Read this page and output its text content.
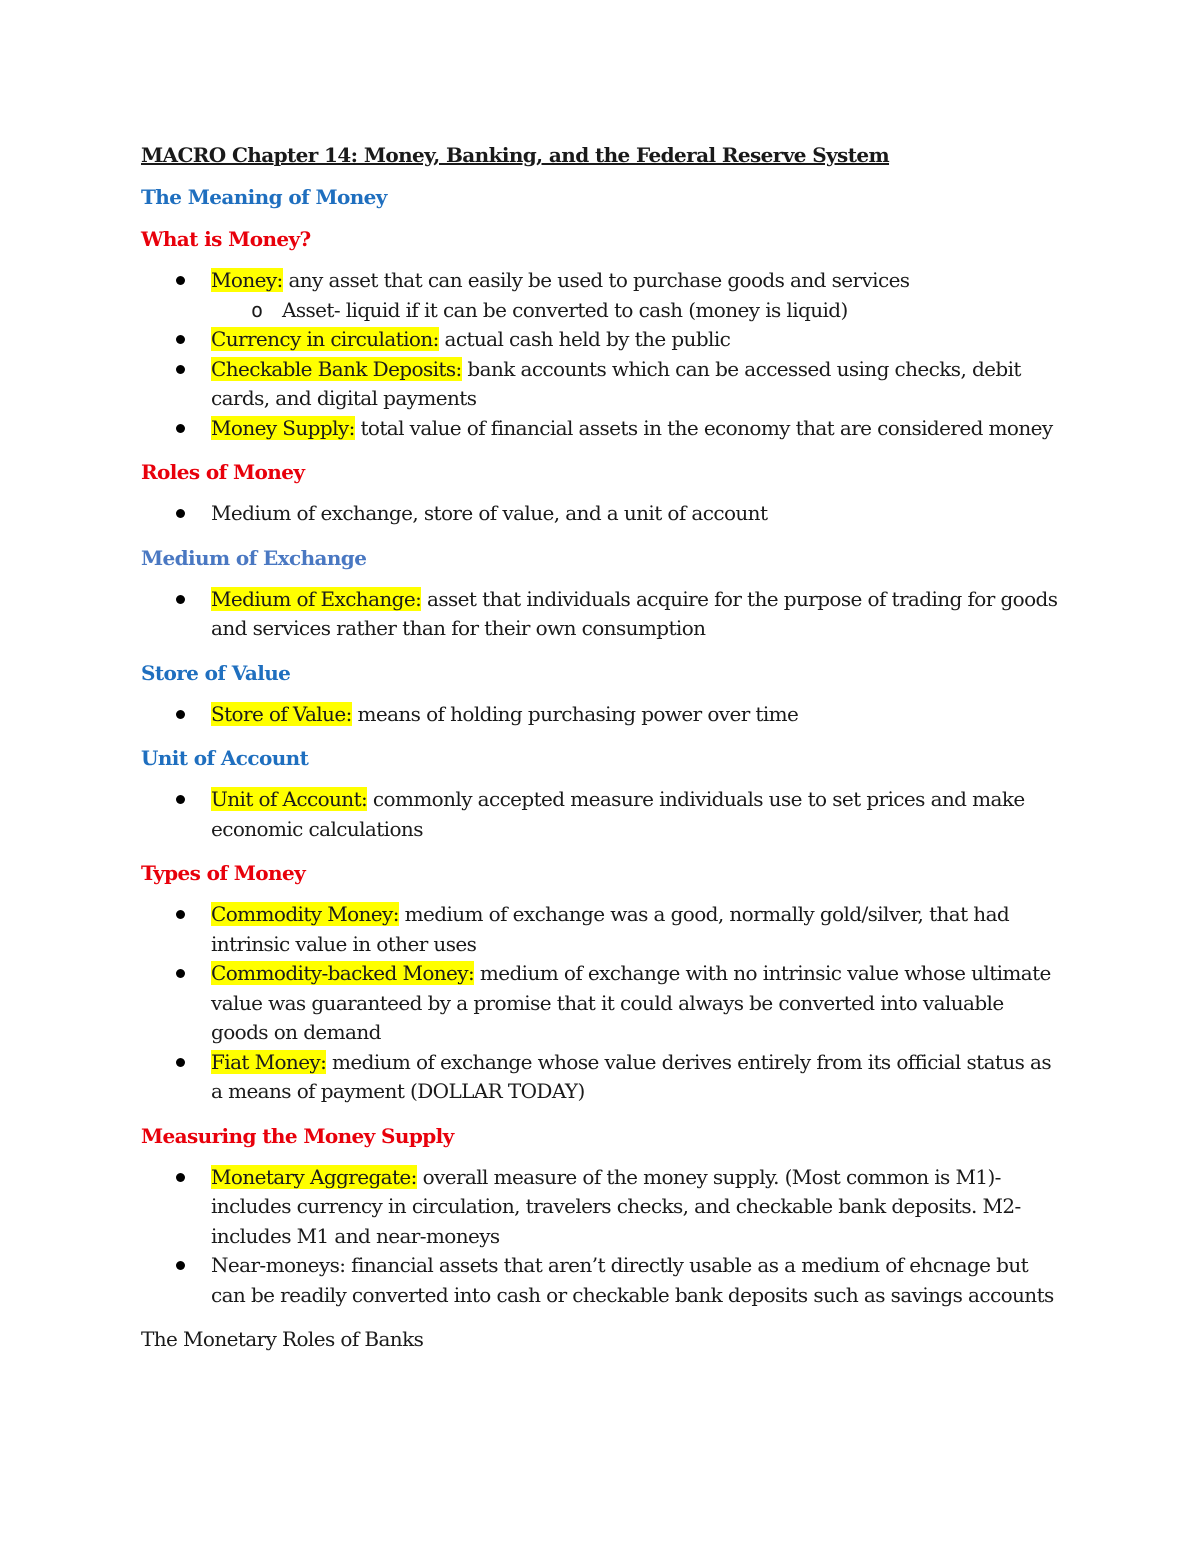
MACRO Chapter 14: Money, Banking, and the Federal Reserve System
The Meaning of Money
What is Money?
Money: any asset that can easily be used to purchase goods and services
o Asset- liquid if it can be converted to cash (money is liquid)
Currency in circulation: actual cash held by the public
Checkable Bank Deposits: bank accounts which can be accessed using checks, debit cards, and digital payments
Money Supply: total value of financial assets in the economy that are considered money
Roles of Money
Medium of exchange, store of value, and a unit of account
Medium of Exchange
Medium of Exchange: asset that individuals acquire for the purpose of trading for goods and services rather than for their own consumption
Store of Value
Store of Value: means of holding purchasing power over time
Unit of Account
Unit of Account: commonly accepted measure individuals use to set prices and make economic calculations
Types of Money
Commodity Money: medium of exchange was a good, normally gold/silver, that had intrinsic value in other uses
Commodity-backed Money: medium of exchange with no intrinsic value whose ultimate value was guaranteed by a promise that it could always be converted into valuable goods on demand
Fiat Money: medium of exchange whose value derives entirely from its official status as a means of payment (DOLLAR TODAY)
Measuring the Money Supply
Monetary Aggregate: overall measure of the money supply. (Most common is M1)- includes currency in circulation, travelers checks, and checkable bank deposits. M2- includes M1 and near-moneys
Near-moneys: financial assets that aren’t directly usable as a medium of ehcnage but can be readily converted into cash or checkable bank deposits such as savings accounts
The Monetary Roles of Banks
